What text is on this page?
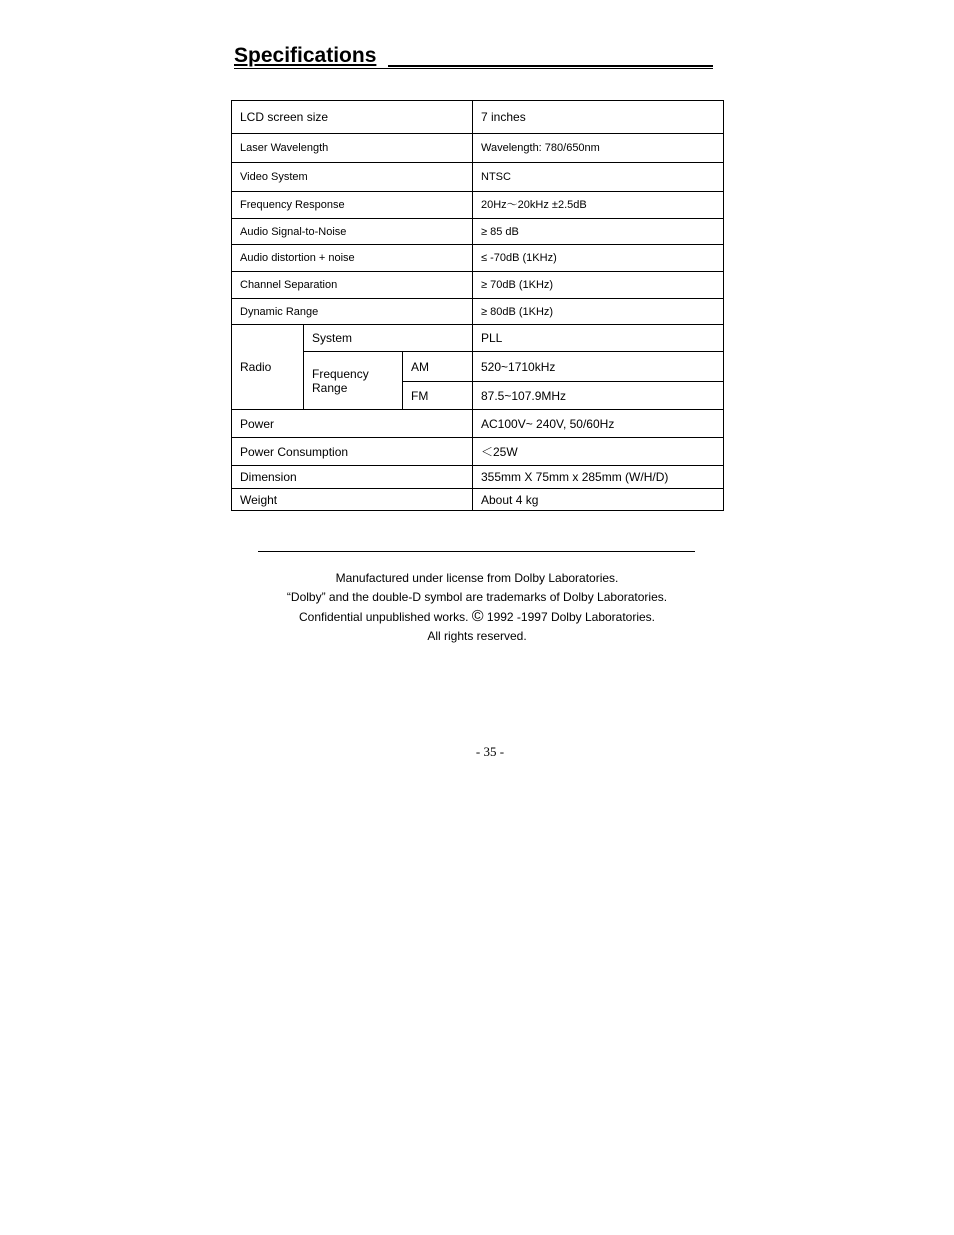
Specifications
LCD screen size			7 inches
Laser Wavelength			Wavelength: 780/650nm
Video System			NTSC
Frequency Response			20Hz～20kHz ±2.5dB
Audio Signal-to-Noise			≥ 85 dB
Audio distortion + noise			≤ -70dB (1KHz)
Channel Separation			≥ 70dB (1KHz)
Dynamic Range			≥ 80dB (1KHz)
Radio	System		PLL
	Frequency Range	AM	520~1710kHz
		FM	87.5~107.9MHz
Power			AC100V~ 240V, 50/60Hz
Power Consumption			＜25W
Dimension			355mm X 75mm x 285mm (W/H/D)
Weight			About 4 kg
Manufactured under license from Dolby Laboratories.
“Dolby” and the double-D symbol are trademarks of Dolby Laboratories.
Confidential unpublished works. © 1992 -1997 Dolby Laboratories.
All rights reserved.
- 35 -
